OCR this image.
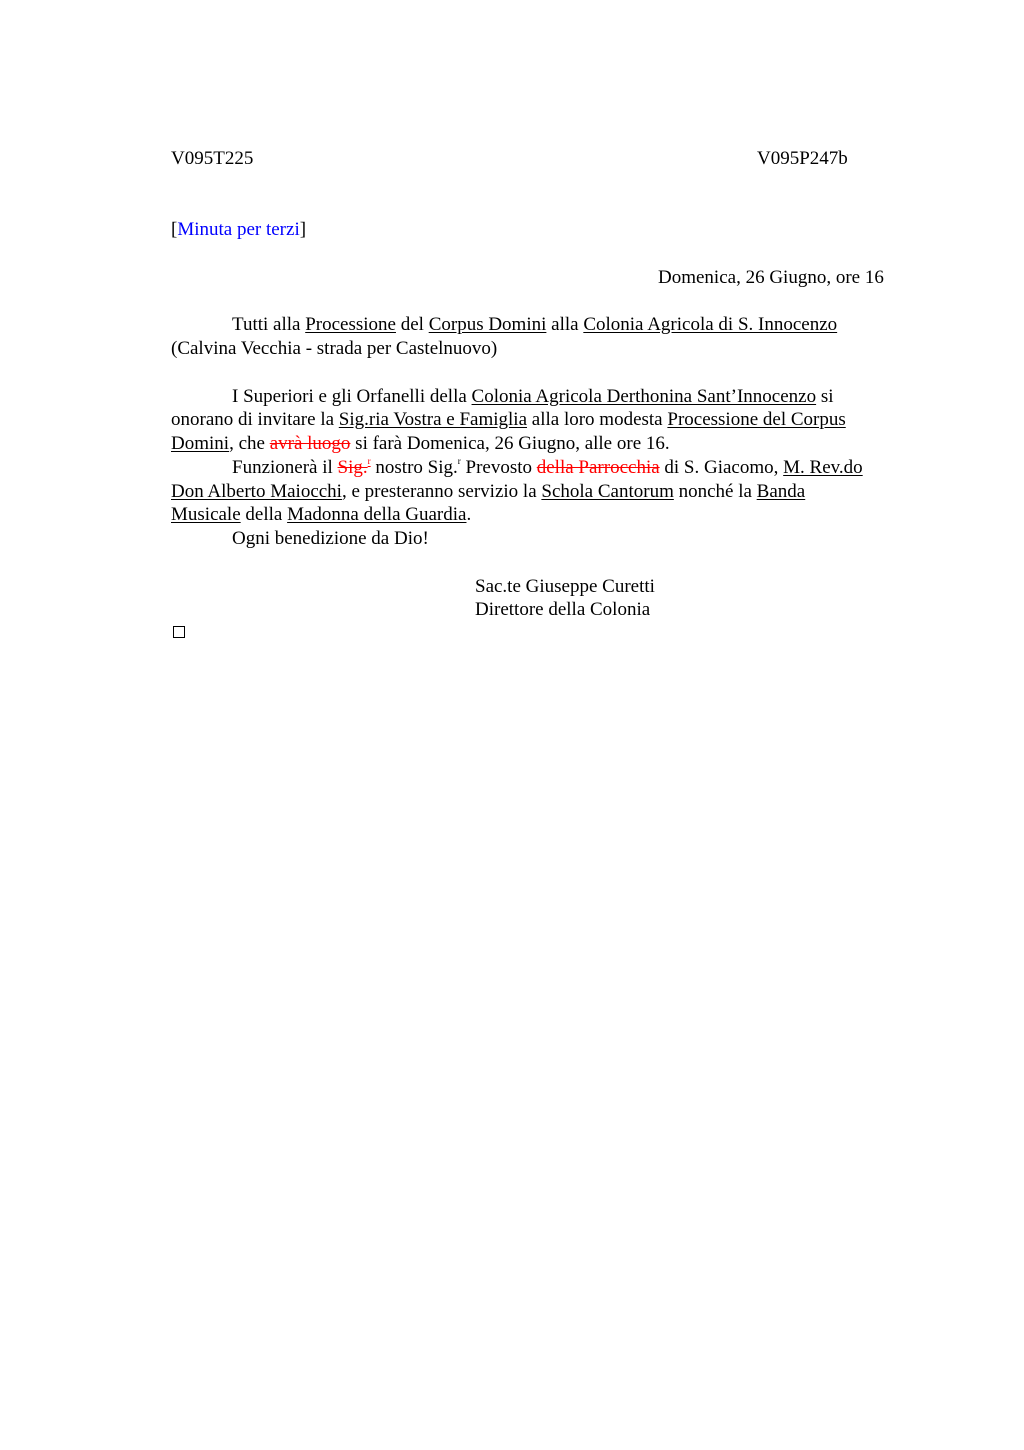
V095T225	V095P247b
[Minuta per terzi]
Domenica, 26 Giugno, ore 16
Tutti alla Processione del Corpus Domini alla Colonia Agricola di S. Innocenzo
(Calvina Vecchia - strada per Castelnuovo)
I Superiori e gli Orfanelli della Colonia Agricola Derthonina Sant’Innocenzo si
onorano di invitare la Sig.ria Vostra e Famiglia alla loro modesta Processione del Corpus
Domini, che avrà luogo si farà Domenica, 26 Giugno, alle ore 16.
Funzionerà il Sig.$^r$ nostro Sig.$^r$ Prevosto della Parrocchia di S. Giacomo, M. Rev.do
Don Alberto Maiocchi, e presteranno servizio la Schola Cantorum nonché la Banda
Musicale della Madonna della Guardia.
Ogni benedizione da Dio!
Sac.te Giuseppe Curetti
Direttore della Colonia
